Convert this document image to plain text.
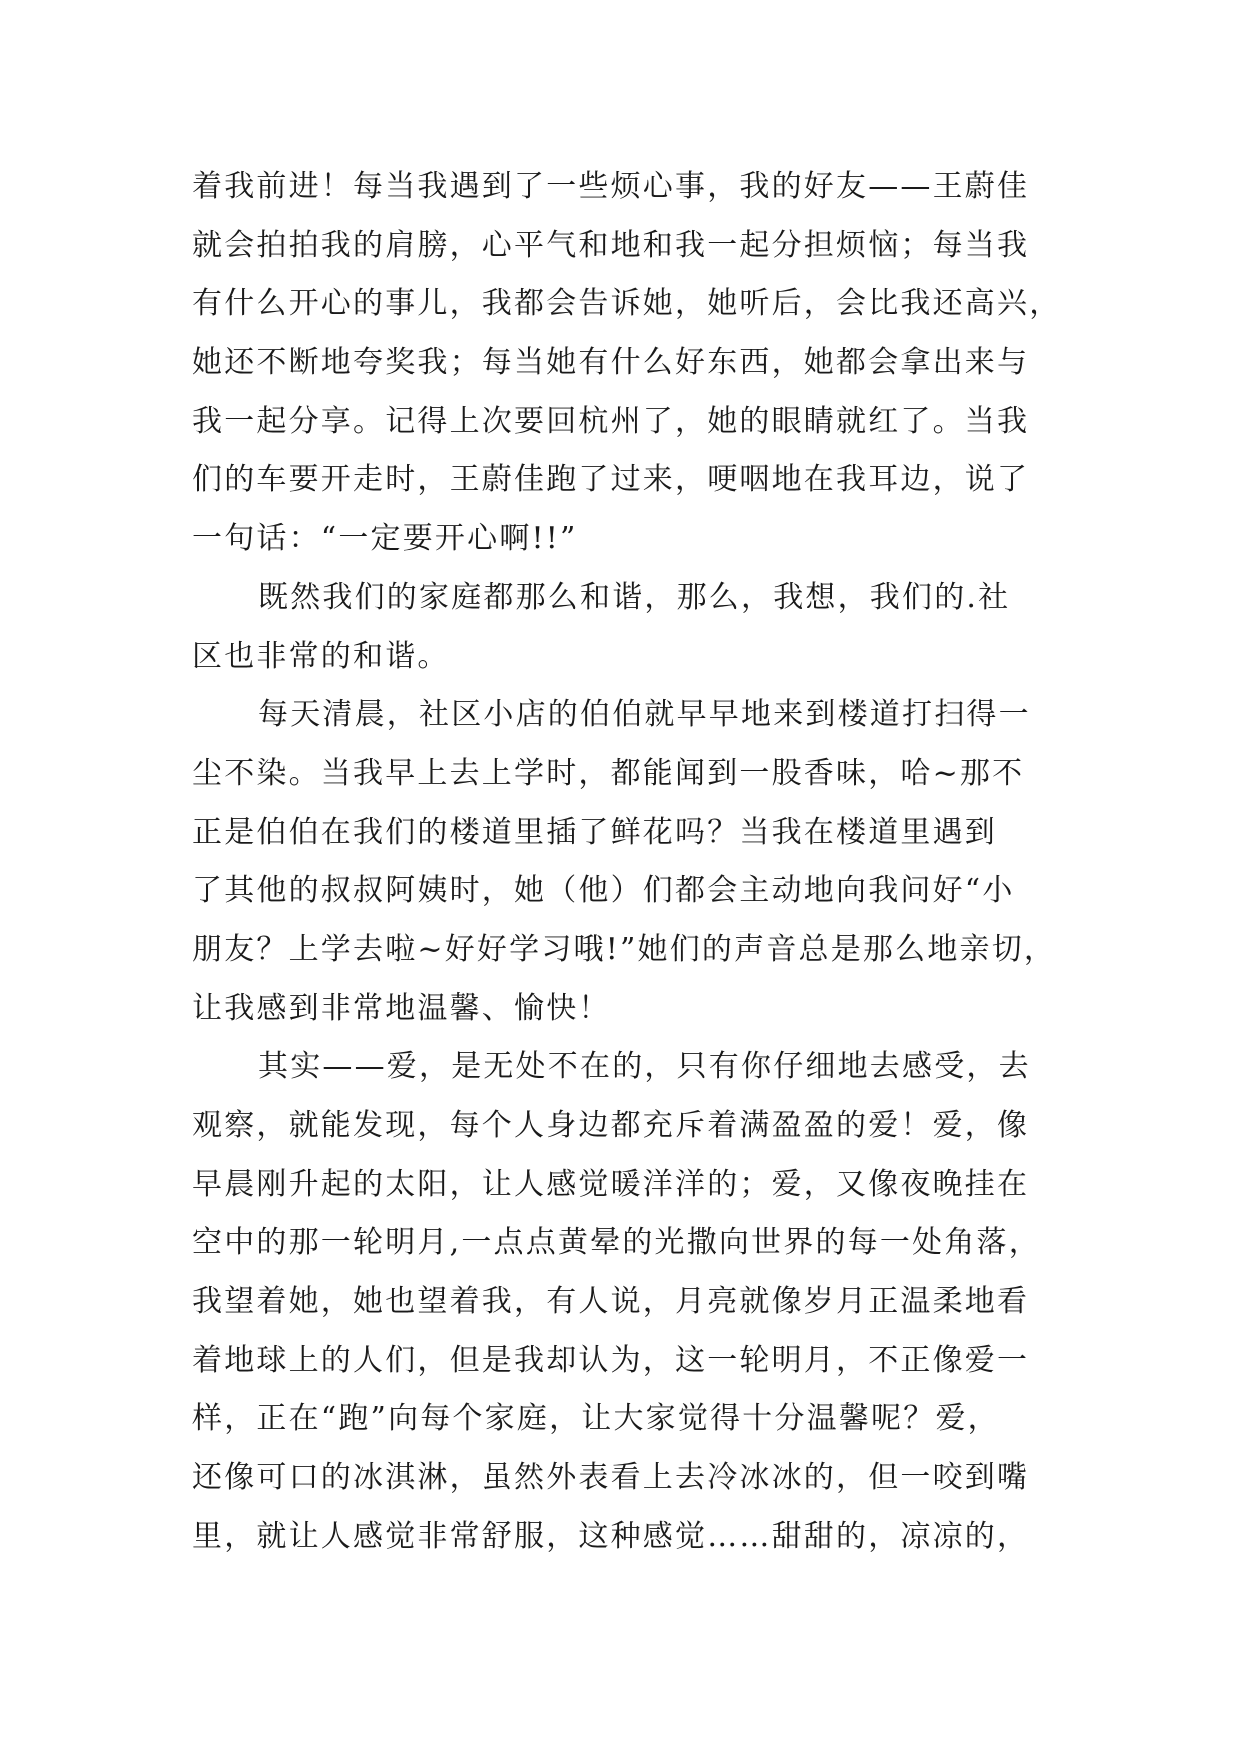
着我前进！每当我遇到了一些烦心事，我的好友——王蔚佳
就会拍拍我的肩膀，心平气和地和我一起分担烦恼；每当我
有什么开心的事儿，我都会告诉她，她听后，会比我还高兴，
她还不断地夸奖我；每当她有什么好东西，她都会拿出来与
我一起分享。记得上次要回杭州了，她的眼睛就红了。当我
们的车要开走时，王蔚佳跑了过来，哽咽地在我耳边，说了
一句话：“一定要开心啊!!”
既然我们的家庭都那么和谐，那么，我想，我们的.社
区也非常的和谐。
每天清晨，社区小店的伯伯就早早地来到楼道打扫得一
尘不染。当我早上去上学时，都能闻到一股香味，哈~那不
正是伯伯在我们的楼道里插了鲜花吗？当我在楼道里遇到
了其他的叔叔阿姨时，她（他）们都会主动地向我问好“小
朋友？上学去啦~好好学习哦!”她们的声音总是那么地亲切，
让我感到非常地温馨、愉快！
其实——爱，是无处不在的，只有你仔细地去感受，去
观察，就能发现，每个人身边都充斥着满盈盈的爱！爱，像
早晨刚升起的太阳，让人感觉暖洋洋的；爱，又像夜晚挂在
空中的那一轮明月,一点点黄晕的光撒向世界的每一处角落，
我望着她，她也望着我，有人说，月亮就像岁月正温柔地看
着地球上的人们，但是我却认为，这一轮明月，不正像爱一
样，正在“跑”向每个家庭，让大家觉得十分温馨呢？爱，
还像可口的冰淇淋，虽然外表看上去冷冰冰的，但一咬到嘴
里，就让人感觉非常舒服，这种感觉……甜甜的，凉凉的，
